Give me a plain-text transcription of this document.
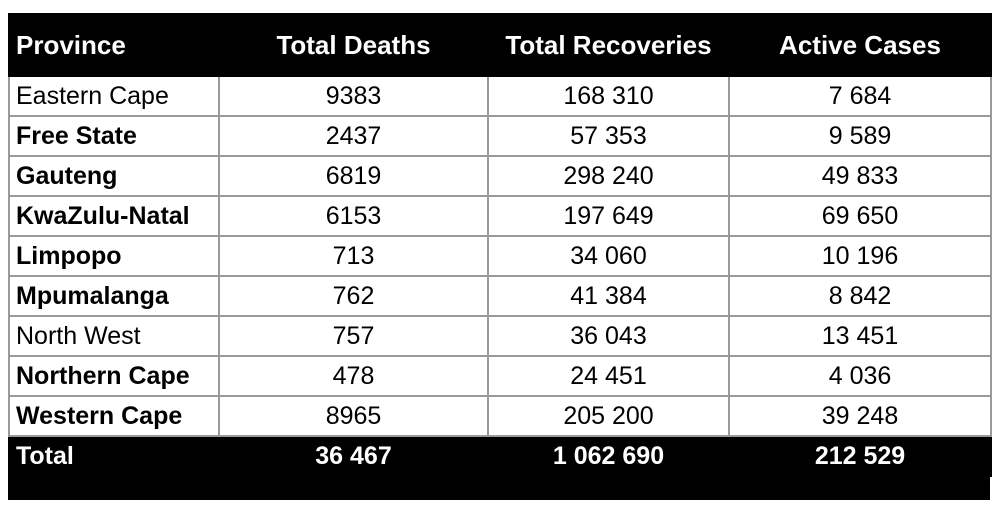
Province	Total Deaths	Total Recoveries	Active Cases
Eastern Cape	9383	168 310	7 684
Free State	2437	57 353	9 589
Gauteng	6819	298 240	49 833
KwaZulu-Natal	6153	197 649	69 650
Limpopo	713	34 060	10 196
Mpumalanga	762	41 384	8 842
North West	757	36 043	13 451
Northern Cape	478	24 451	4 036
Western Cape	8965	205 200	39 248
Total	36 467	1 062 690	212 529
